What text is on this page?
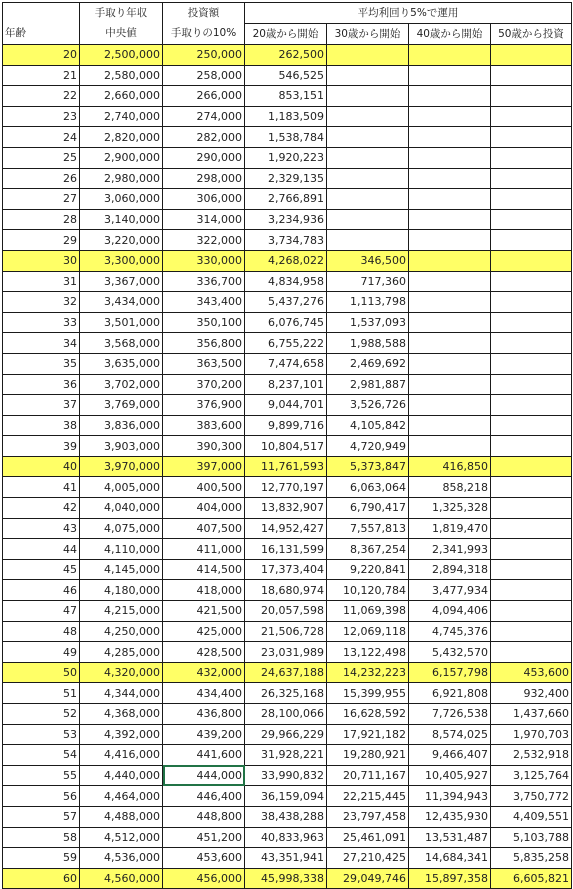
	手取り年収	投資額	平均利回り5%で運用			
年齢	中央値	手取りの10%	20歳から開始	30歳から開始	40歳から開始	50歳から投資
20	2,500,000	250,000	262,500			
21	2,580,000	258,000	546,525			
22	2,660,000	266,000	853,151			
23	2,740,000	274,000	1,183,509			
24	2,820,000	282,000	1,538,784			
25	2,900,000	290,000	1,920,223			
26	2,980,000	298,000	2,329,135			
27	3,060,000	306,000	2,766,891			
28	3,140,000	314,000	3,234,936			
29	3,220,000	322,000	3,734,783			
30	3,300,000	330,000	4,268,022	346,500		
31	3,367,000	336,700	4,834,958	717,360		
32	3,434,000	343,400	5,437,276	1,113,798		
33	3,501,000	350,100	6,076,745	1,537,093		
34	3,568,000	356,800	6,755,222	1,988,588		
35	3,635,000	363,500	7,474,658	2,469,692		
36	3,702,000	370,200	8,237,101	2,981,887		
37	3,769,000	376,900	9,044,701	3,526,726		
38	3,836,000	383,600	9,899,716	4,105,842		
39	3,903,000	390,300	10,804,517	4,720,949		
40	3,970,000	397,000	11,761,593	5,373,847	416,850	
41	4,005,000	400,500	12,770,197	6,063,064	858,218	
42	4,040,000	404,000	13,832,907	6,790,417	1,325,328	
43	4,075,000	407,500	14,952,427	7,557,813	1,819,470	
44	4,110,000	411,000	16,131,599	8,367,254	2,341,993	
45	4,145,000	414,500	17,373,404	9,220,841	2,894,318	
46	4,180,000	418,000	18,680,974	10,120,784	3,477,934	
47	4,215,000	421,500	20,057,598	11,069,398	4,094,406	
48	4,250,000	425,000	21,506,728	12,069,118	4,745,376	
49	4,285,000	428,500	23,031,989	13,122,498	5,432,570	
50	4,320,000	432,000	24,637,188	14,232,223	6,157,798	453,600
51	4,344,000	434,400	26,325,168	15,399,955	6,921,808	932,400
52	4,368,000	436,800	28,100,066	16,628,592	7,726,538	1,437,660
53	4,392,000	439,200	29,966,229	17,921,182	8,574,025	1,970,703
54	4,416,000	441,600	31,928,221	19,280,921	9,466,407	2,532,918
55	4,440,000	444,000	33,990,832	20,711,167	10,405,927	3,125,764
56	4,464,000	446,400	36,159,094	22,215,445	11,394,943	3,750,772
57	4,488,000	448,800	38,438,288	23,797,458	12,435,930	4,409,551
58	4,512,000	451,200	40,833,963	25,461,091	13,531,487	5,103,788
59	4,536,000	453,600	43,351,941	27,210,425	14,684,341	5,835,258
60	4,560,000	456,000	45,998,338	29,049,746	15,897,358	6,605,821
